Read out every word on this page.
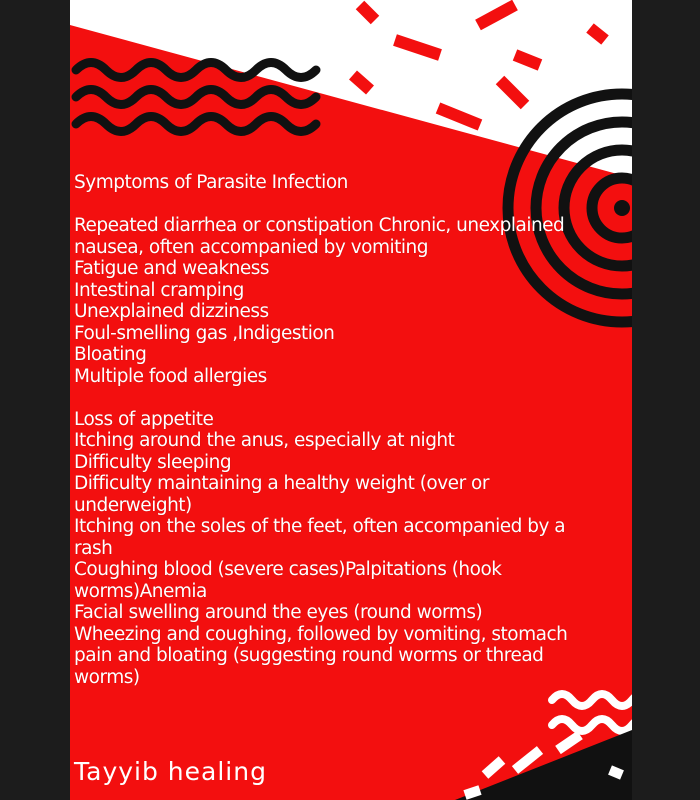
Symptoms of Parasite Infection
Repeated diarrhea or constipation Chronic, unexplained
nausea, often accompanied by vomiting
Fatigue and weakness
Intestinal cramping
Unexplained dizziness
Foul-smelling gas ,Indigestion
Bloating
Multiple food allergies
Loss of appetite
Itching around the anus, especially at night
Difficulty sleeping
Difficulty maintaining a healthy weight (over or
underweight)
Itching on the soles of the feet, often accompanied by a
rash
Coughing blood (severe cases)Palpitations (hook
worms)Anemia
Facial swelling around the eyes (round worms)
Wheezing and coughing, followed by vomiting, stomach
pain and bloating (suggesting round worms or thread
worms)
Tayyib healing
